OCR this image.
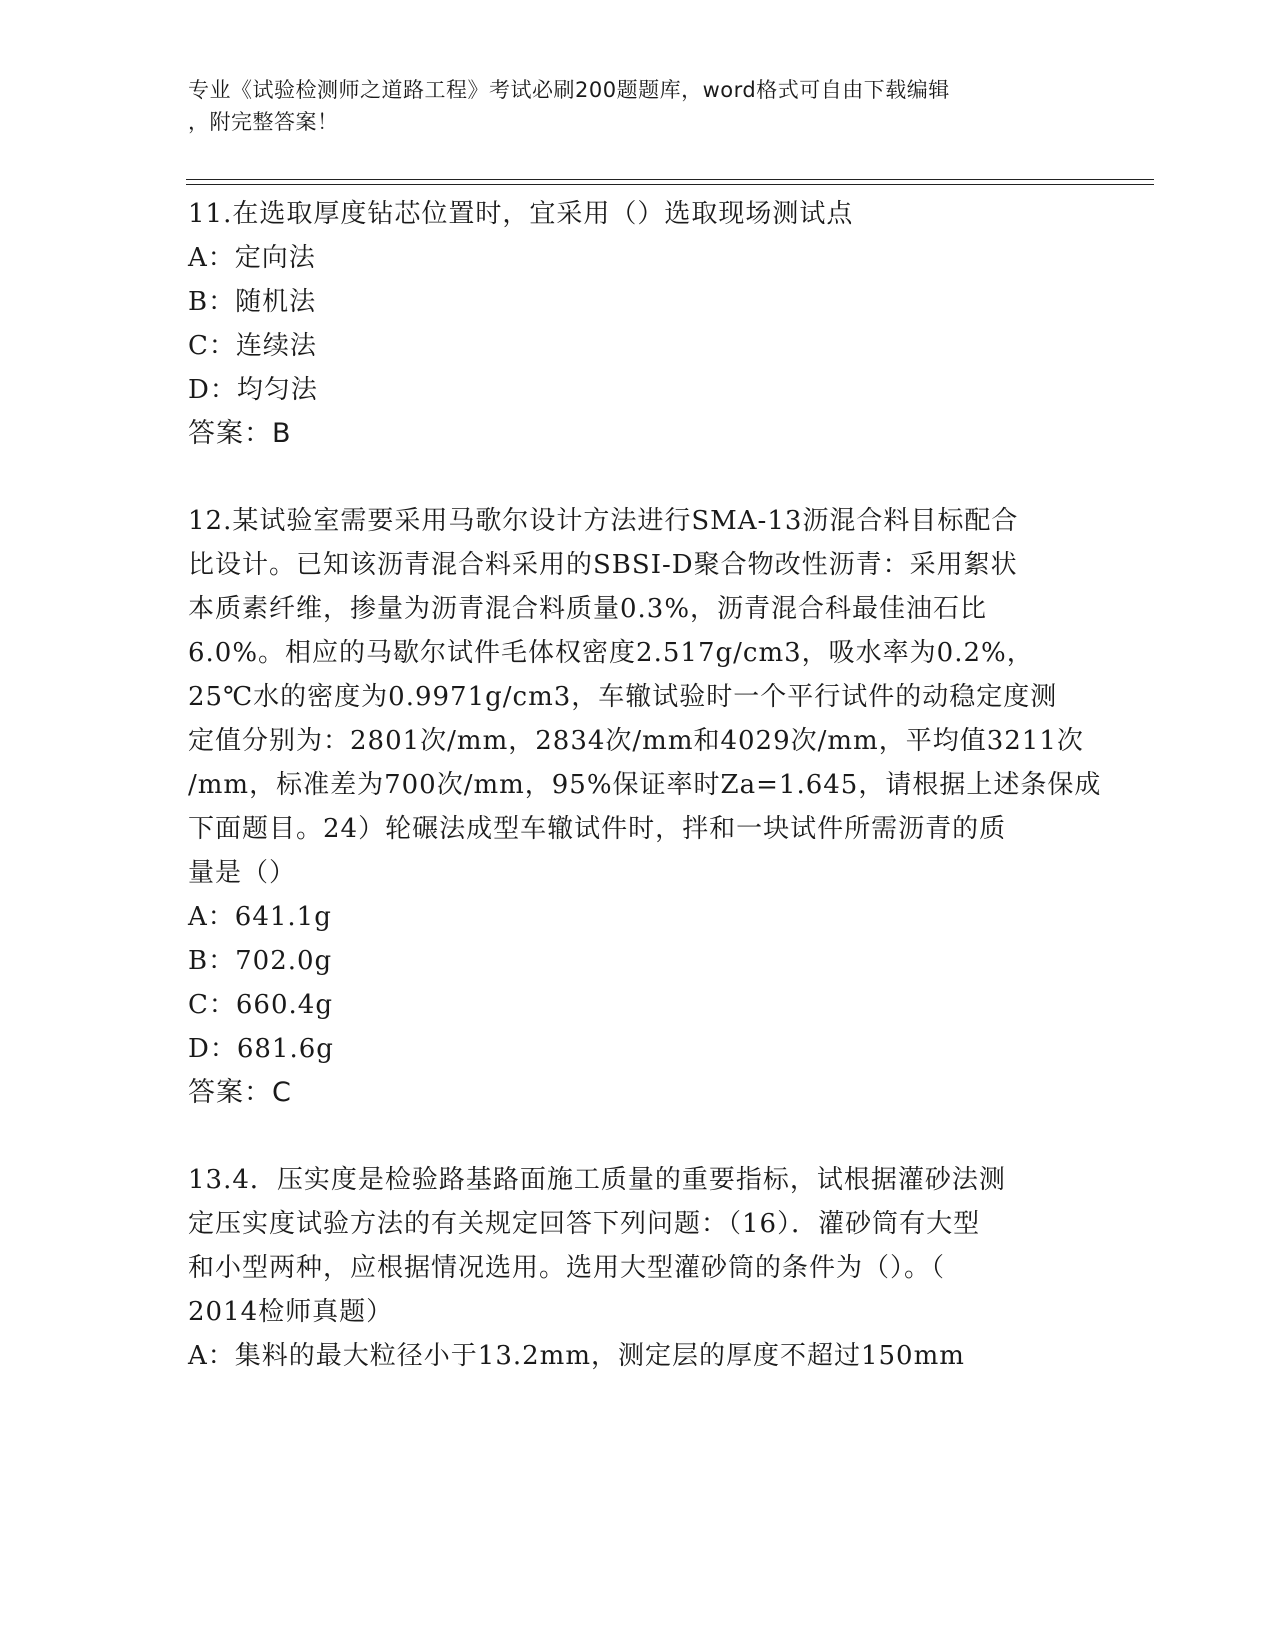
专业《试验检测师之道路工程》考试必刷200题题库，word格式可自由下载编辑
，附完整答案！
11.在选取厚度钻芯位置时，宜采用（）选取现场测试点
A：定向法
B：随机法
C：连续法
D：均匀法
答案：B
12.某试验室需要采用马歌尔设计方法进行SMA-13沥混合料目标配合
比设计。已知该沥青混合料采用的SBSI-D聚合物改性沥青：采用絮状
本质素纤维，掺量为沥青混合料质量0.3%，沥青混合科最佳油石比
6.0%。相应的马歇尔试件毛体权密度2.517g/cm3，吸水率为0.2%，
25℃水的密度为0.9971g/cm3，车辙试验时一个平行试件的动稳定度测
定值分别为：2801次/mm，2834次/mm和4029次/mm，平均值3211次
/mm，标准差为700次/mm，95%保证率时Za=1.645，请根据上述条保成
下面题目。24）轮碾法成型车辙试件时，拌和一块试件所需沥青的质
量是（）
A：641.1g
B：702.0g
C：660.4g
D：681.6g
答案：C
13.4．压实度是检验路基路面施工质量的重要指标，试根据灌砂法测
定压实度试验方法的有关规定回答下列问题：（16）．灌砂筒有大型
和小型两种，应根据情况选用。选用大型灌砂筒的条件为（）。（
2014检师真题）
A：集料的最大粒径小于13.2mm，测定层的厚度不超过150mm
